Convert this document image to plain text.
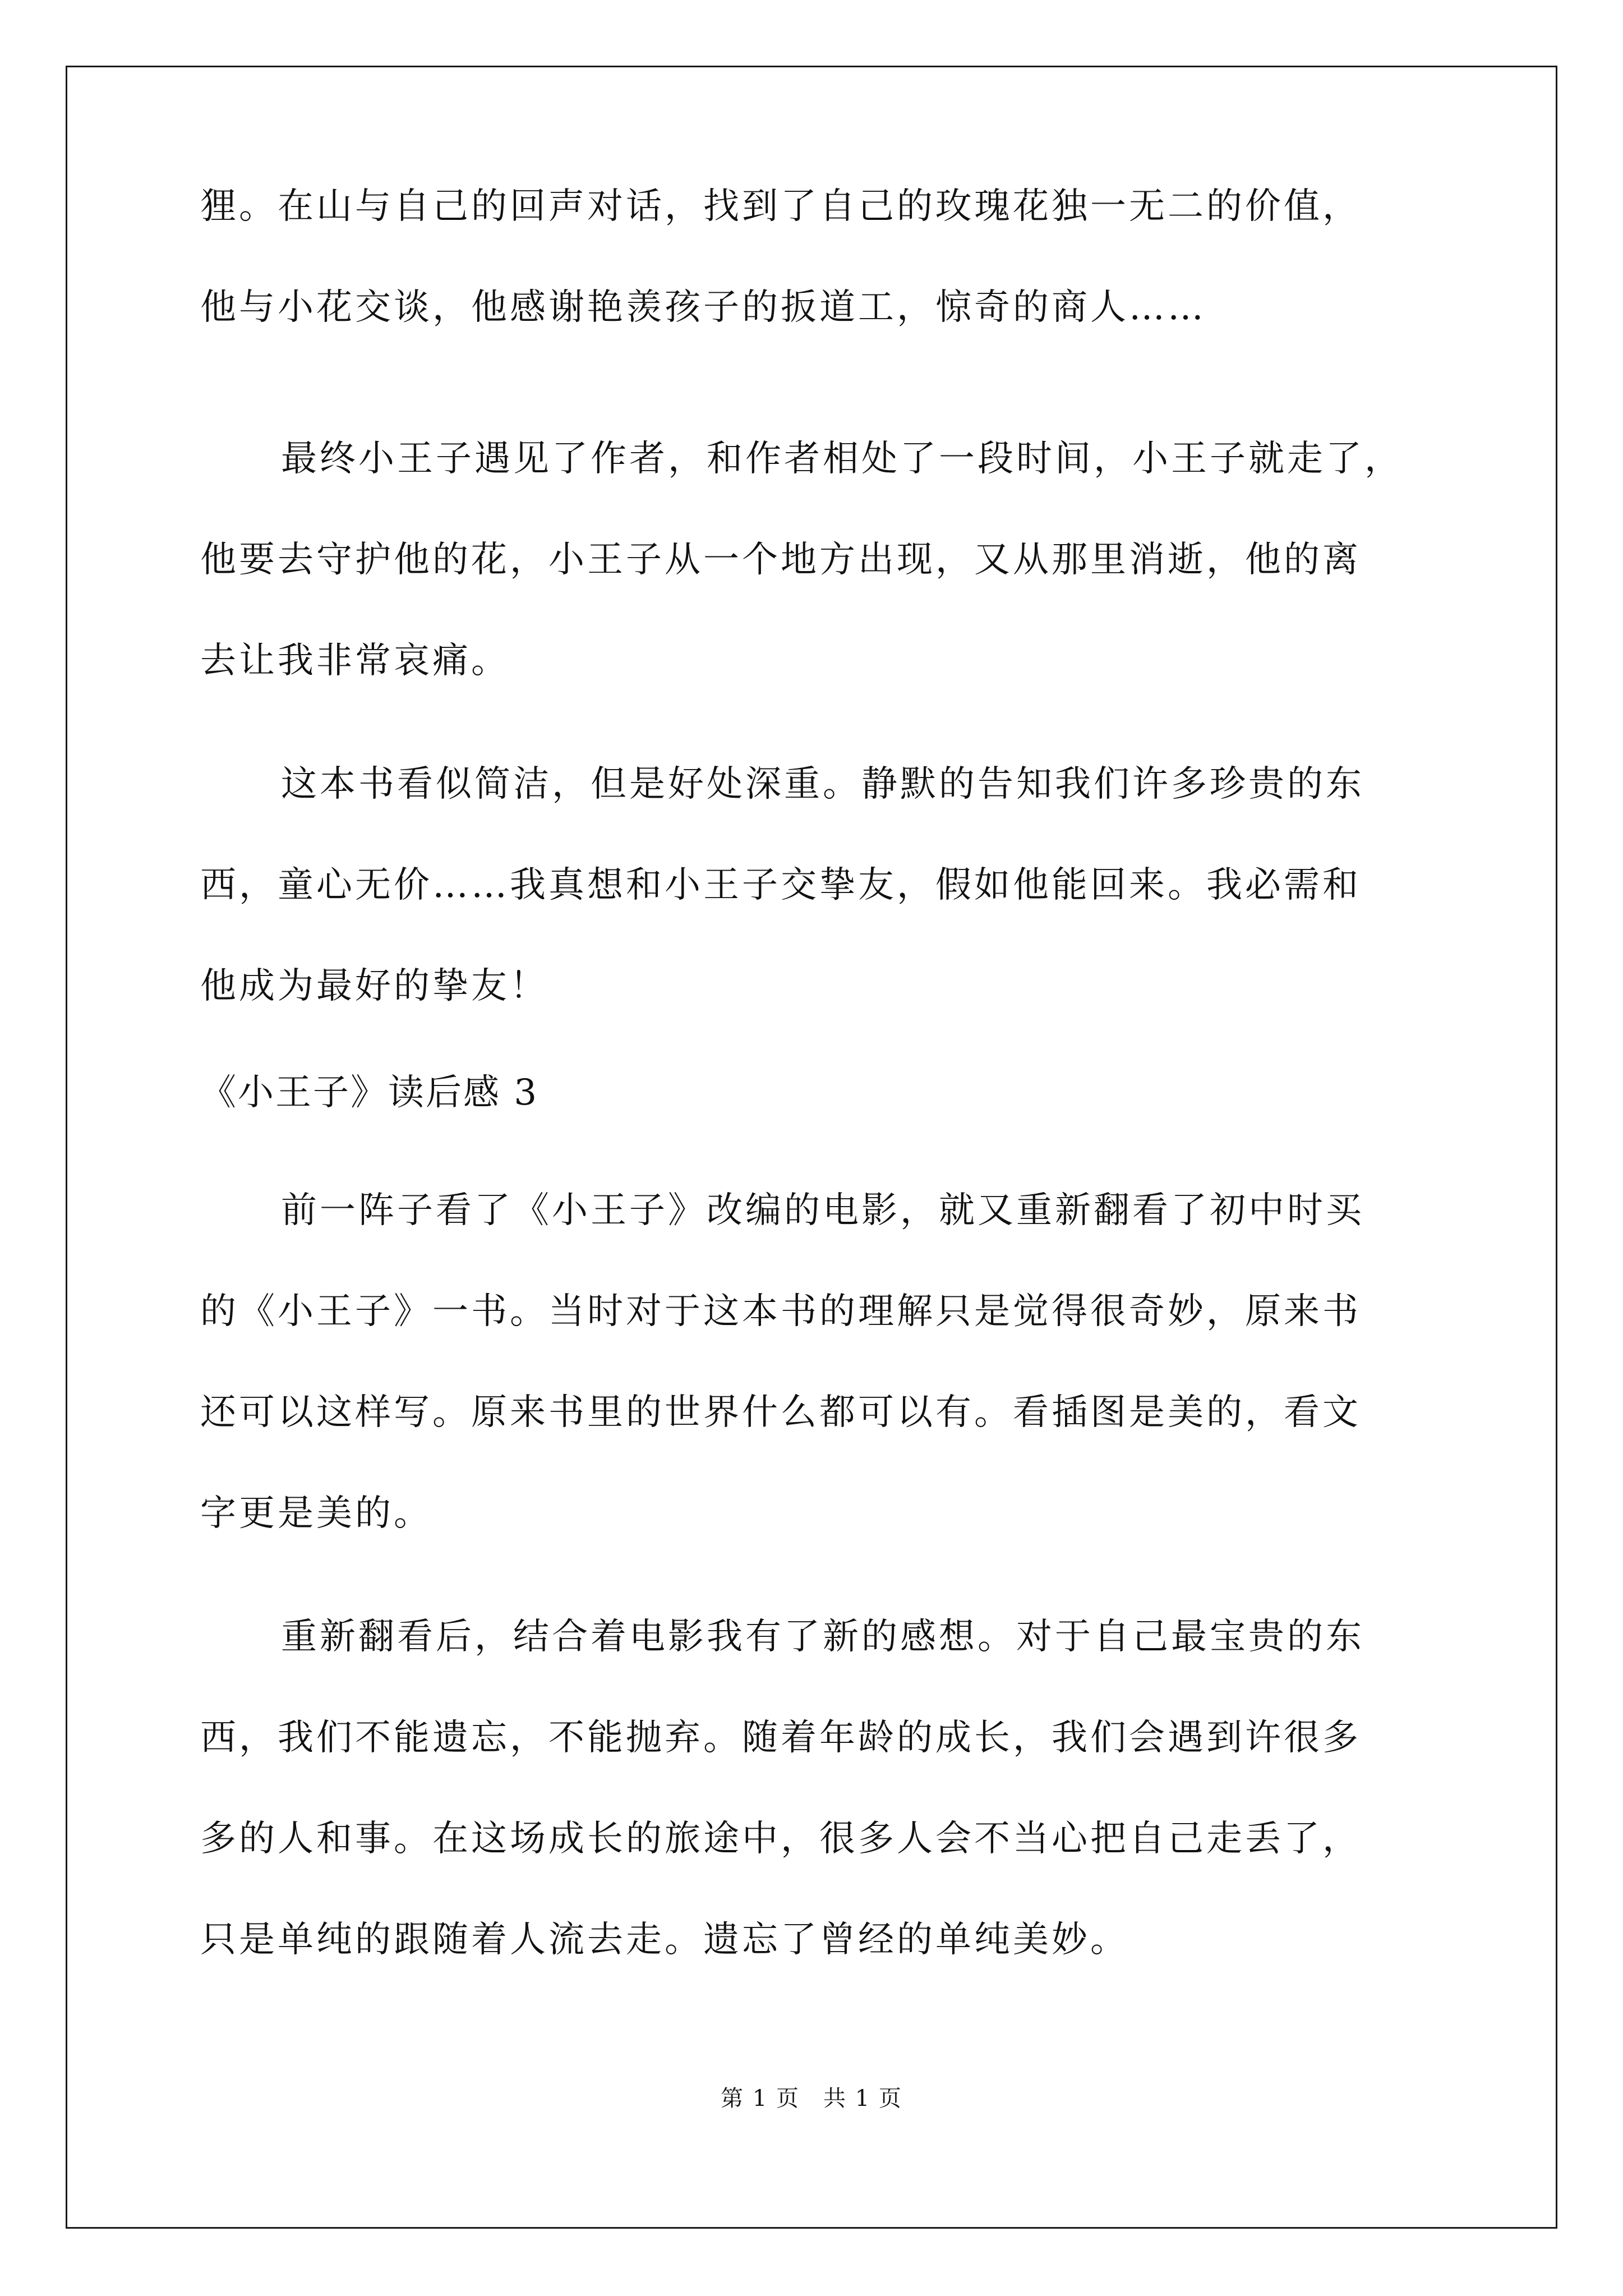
狸。在山与自己的回声对话，找到了自己的玫瑰花独一无二的价值，
他与小花交谈，他感谢艳羡孩子的扳道工，惊奇的商人……
最终小王子遇见了作者，和作者相处了一段时间，小王子就走了，
他要去守护他的花，小王子从一个地方出现，又从那里消逝，他的离
去让我非常哀痛。
这本书看似简洁，但是好处深重。静默的告知我们许多珍贵的东
西，童心无价……我真想和小王子交挚友，假如他能回来。我必需和
他成为最好的挚友！
《小王子》读后感 3
前一阵子看了《小王子》改编的电影，就又重新翻看了初中时买
的《小王子》一书。当时对于这本书的理解只是觉得很奇妙，原来书
还可以这样写。原来书里的世界什么都可以有。看插图是美的，看文
字更是美的。
重新翻看后，结合着电影我有了新的感想。对于自己最宝贵的东
西，我们不能遗忘，不能抛弃。随着年龄的成长，我们会遇到许很多
多的人和事。在这场成长的旅途中，很多人会不当心把自己走丢了，
只是单纯的跟随着人流去走。遗忘了曾经的单纯美妙。
第 1 页　共 1 页
